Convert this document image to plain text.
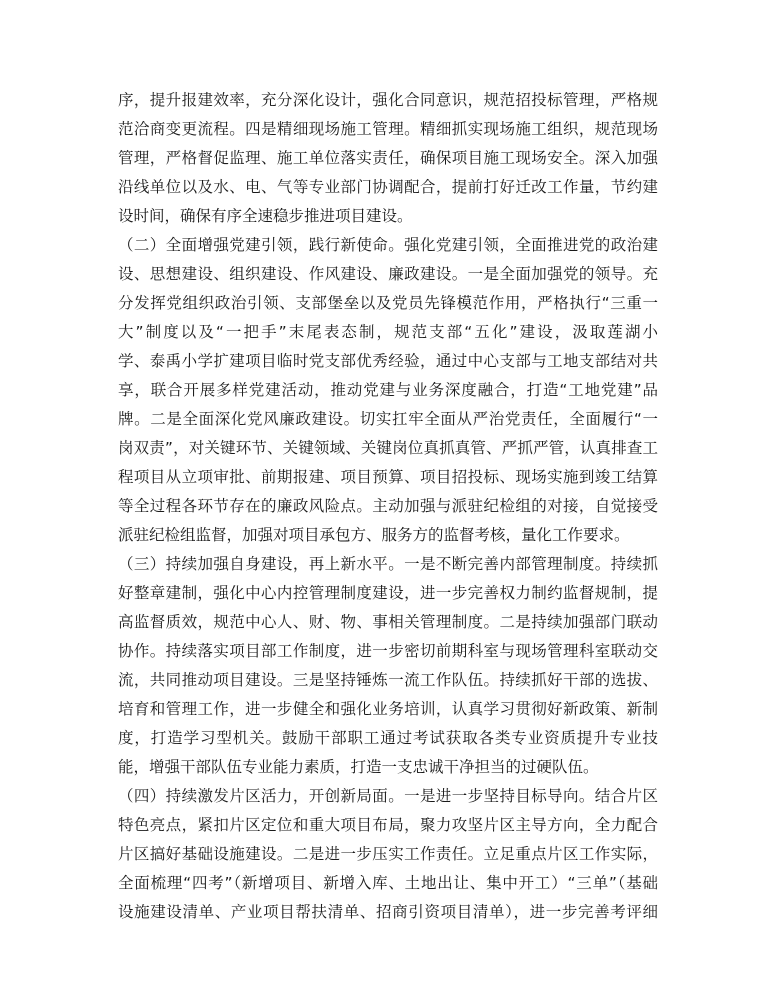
序，提升报建效率，充分深化设计，强化合同意识，规范招投标管理，严格规
范洽商变更流程。四是精细现场施工管理。精细抓实现场施工组织，规范现场
管理，严格督促监理、施工单位落实责任，确保项目施工现场安全。深入加强
沿线单位以及水、电、气等专业部门协调配合，提前打好迁改工作量，节约建
设时间，确保有序全速稳步推进项目建设。
（二）全面增强党建引领，践行新使命。强化党建引领，全面推进党的政治建
设、思想建设、组织建设、作风建设、廉政建设。一是全面加强党的领导。充
分发挥党组织政治引领、支部堡垒以及党员先锋模范作用，严格执行“三重一
大”制度以及“一把手”末尾表态制，规范支部“五化”建设，汲取莲湖小
学、泰禹小学扩建项目临时党支部优秀经验，通过中心支部与工地支部结对共
享，联合开展多样党建活动，推动党建与业务深度融合，打造“工地党建”品
牌。二是全面深化党风廉政建设。切实扛牢全面从严治党责任，全面履行“一
岗双责”，对关键环节、关键领域、关键岗位真抓真管、严抓严管，认真排查工
程项目从立项审批、前期报建、项目预算、项目招投标、现场实施到竣工结算
等全过程各环节存在的廉政风险点。主动加强与派驻纪检组的对接，自觉接受
派驻纪检组监督，加强对项目承包方、服务方的监督考核，量化工作要求。
（三）持续加强自身建设，再上新水平。一是不断完善内部管理制度。持续抓
好整章建制，强化中心内控管理制度建设，进一步完善权力制约监督规制，提
高监督质效，规范中心人、财、物、事相关管理制度。二是持续加强部门联动
协作。持续落实项目部工作制度，进一步密切前期科室与现场管理科室联动交
流，共同推动项目建设。三是坚持锤炼一流工作队伍。持续抓好干部的选拔、
培育和管理工作，进一步健全和强化业务培训，认真学习贯彻好新政策、新制
度，打造学习型机关。鼓励干部职工通过考试获取各类专业资质提升专业技
能，增强干部队伍专业能力素质，打造一支忠诚干净担当的过硬队伍。
（四）持续激发片区活力，开创新局面。一是进一步坚持目标导向。结合片区
特色亮点，紧扣片区定位和重大项目布局，聚力攻坚片区主导方向，全力配合
片区搞好基础设施建设。二是进一步压实工作责任。立足重点片区工作实际，
全面梳理“四考”（新增项目、新增入库、土地出让、集中开工）“三单”（基础
设施建设清单、产业项目帮扶清单、招商引资项目清单），进一步完善考评细
